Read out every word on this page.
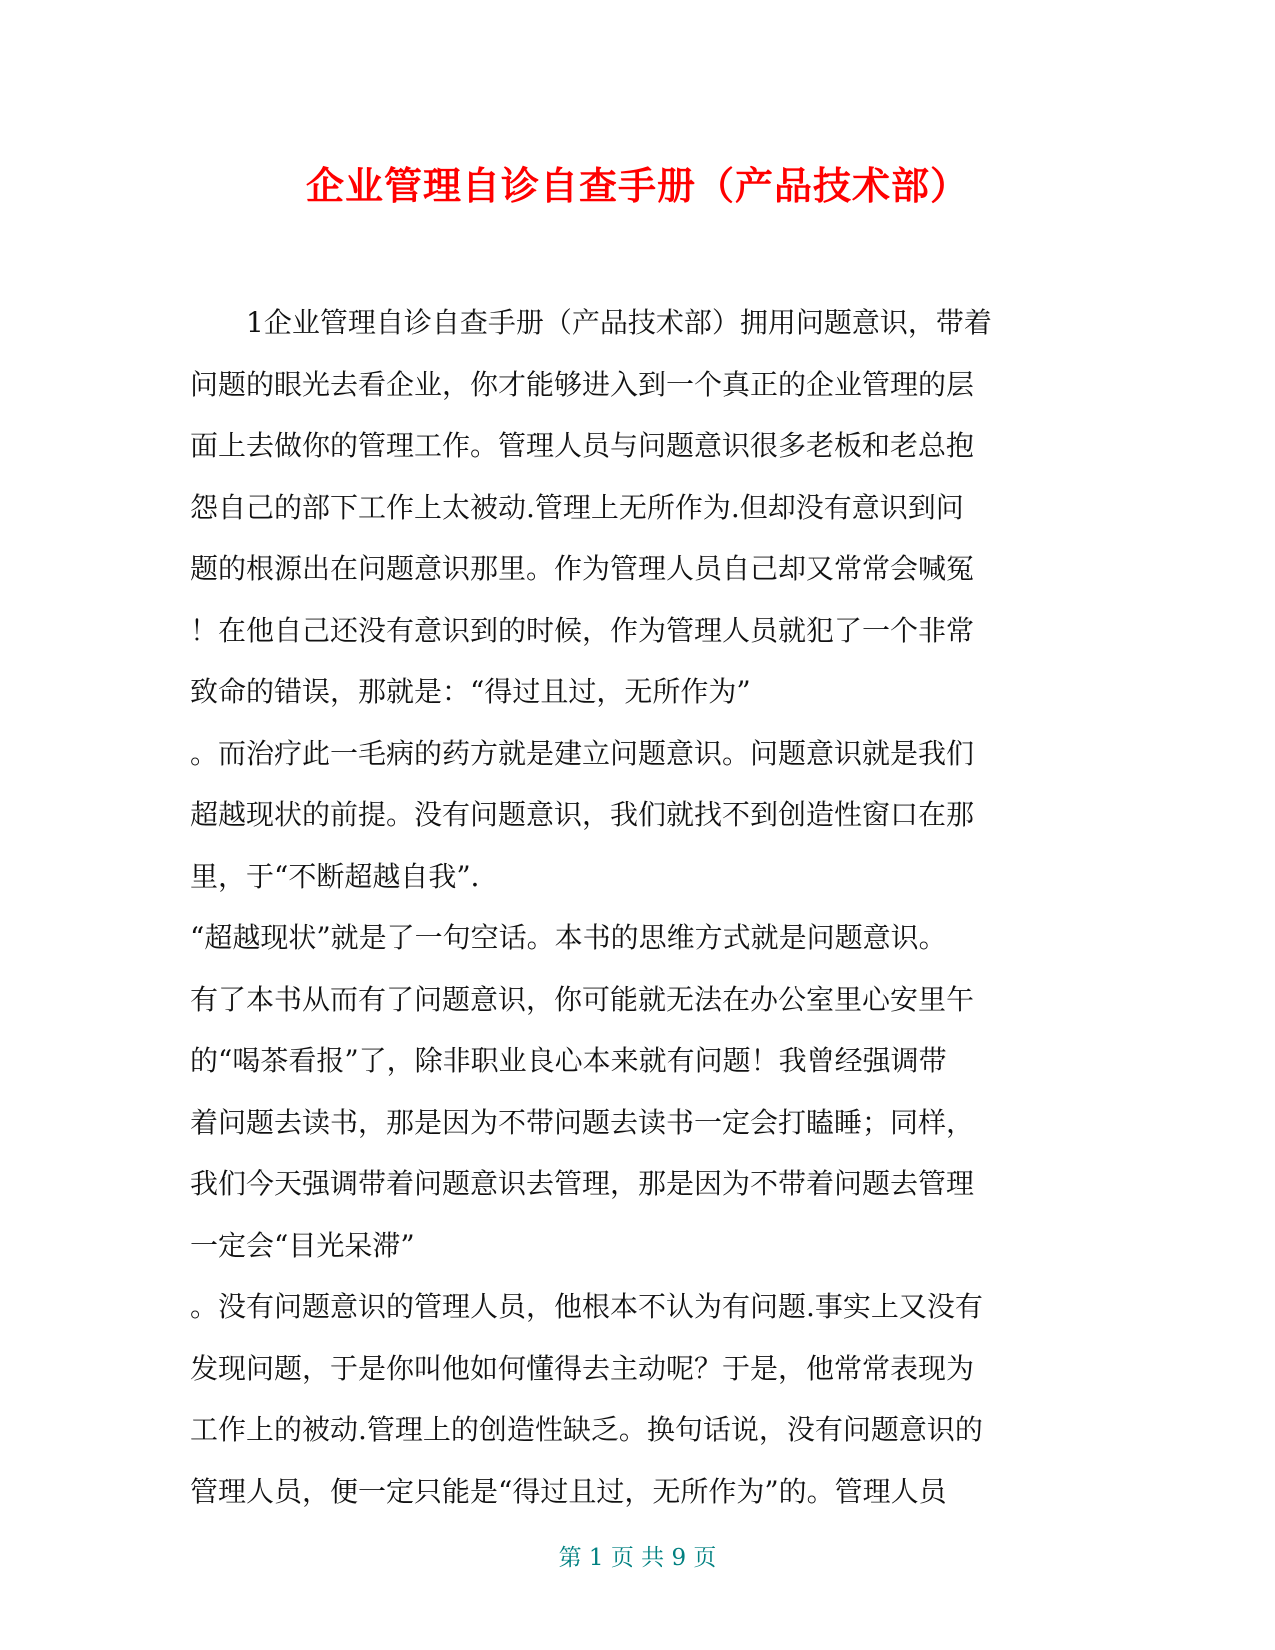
企业管理自诊自查手册（产品技术部）
　　1企业管理自诊自查手册（产品技术部）拥用问题意识，带着
问题的眼光去看企业，你才能够进入到一个真正的企业管理的层
面上去做你的管理工作。管理人员与问题意识很多老板和老总抱
怨自己的部下工作上太被动.管理上无所作为.但却没有意识到问
题的根源出在问题意识那里。作为管理人员自己却又常常会喊冤
！在他自己还没有意识到的时候，作为管理人员就犯了一个非常
致命的错误，那就是：“得过且过，无所作为”
。而治疗此一毛病的药方就是建立问题意识。问题意识就是我们
超越现状的前提。没有问题意识，我们就找不到创造性窗口在那
里，于“不断超越自我”．
“超越现状”就是了一句空话。本书的思维方式就是问题意识。
有了本书从而有了问题意识，你可能就无法在办公室里心安里午
的“喝茶看报”了，除非职业良心本来就有问题！我曾经强调带
着问题去读书，那是因为不带问题去读书一定会打瞌睡；同样，
我们今天强调带着问题意识去管理，那是因为不带着问题去管理
一定会“目光呆滞”
。没有问题意识的管理人员，他根本不认为有问题.事实上又没有
发现问题，于是你叫他如何懂得去主动呢？于是，他常常表现为
工作上的被动.管理上的创造性缺乏。换句话说，没有问题意识的
管理人员，便一定只能是“得过且过，无所作为”的。管理人员
第 1 页 共 9 页
